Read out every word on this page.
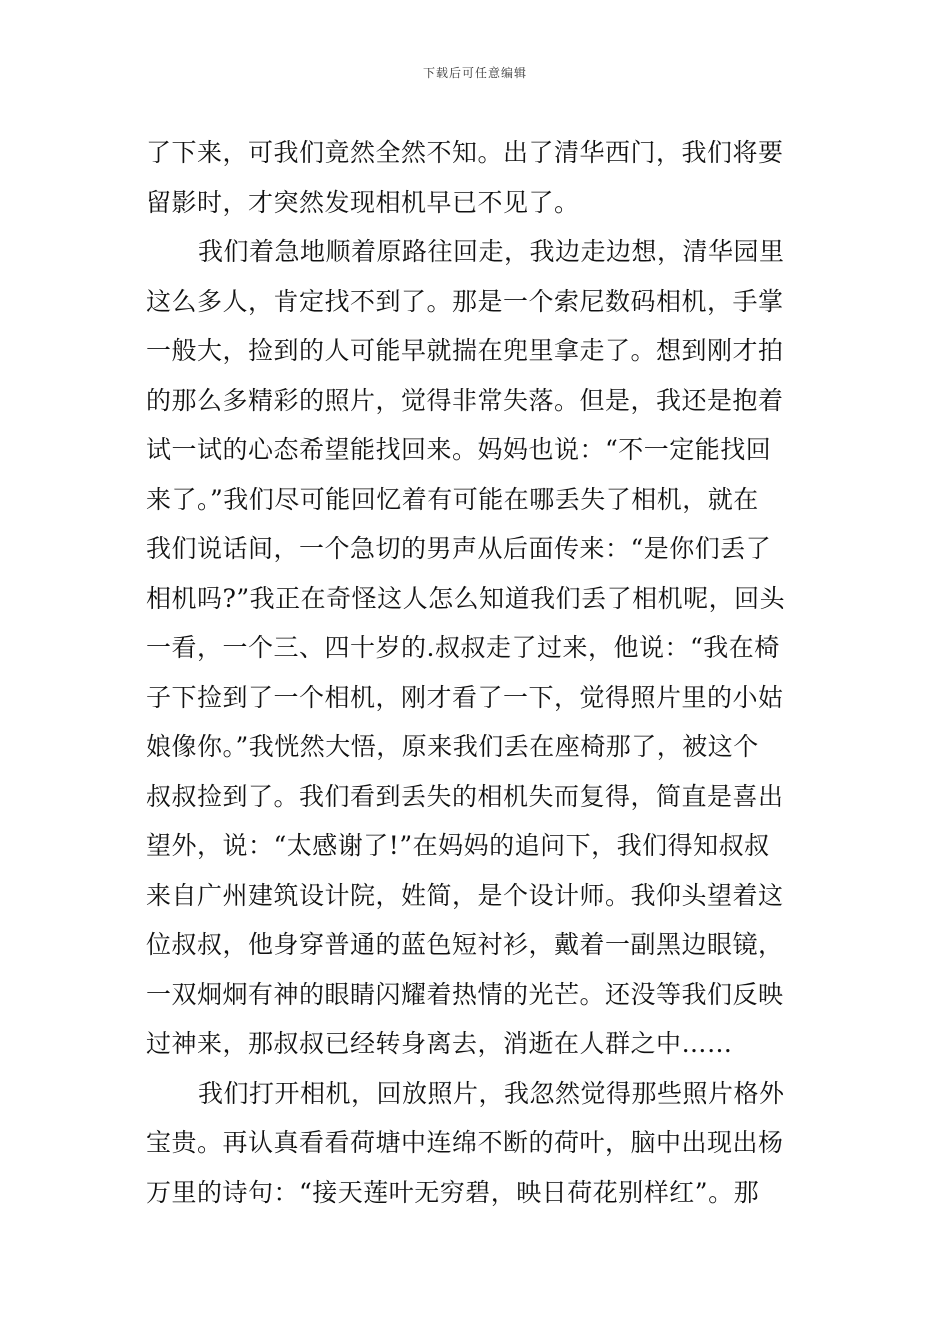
下载后可任意编辑
了下来，可我们竟然全然不知。出了清华西门，我们将要
留影时，才突然发现相机早已不见了。
我们着急地顺着原路往回走，我边走边想，清华园里
这么多人，肯定找不到了。那是一个索尼数码相机，手掌
一般大，捡到的人可能早就揣在兜里拿走了。想到刚才拍
的那么多精彩的照片，觉得非常失落。但是，我还是抱着
试一试的心态希望能找回来。妈妈也说：“不一定能找回
来了。”我们尽可能回忆着有可能在哪丢失了相机，就在
我们说话间，一个急切的男声从后面传来：“是你们丢了
相机吗?”我正在奇怪这人怎么知道我们丢了相机呢，回头
一看，一个三、四十岁的.叔叔走了过来，他说：“我在椅
子下捡到了一个相机，刚才看了一下，觉得照片里的小姑
娘像你。”我恍然大悟，原来我们丢在座椅那了，被这个
叔叔捡到了。我们看到丢失的相机失而复得，简直是喜出
望外，说：“太感谢了!”在妈妈的追问下，我们得知叔叔
来自广州建筑设计院，姓简，是个设计师。我仰头望着这
位叔叔，他身穿普通的蓝色短衬衫，戴着一副黑边眼镜，
一双炯炯有神的眼睛闪耀着热情的光芒。还没等我们反映
过神来，那叔叔已经转身离去，消逝在人群之中……
我们打开相机，回放照片，我忽然觉得那些照片格外
宝贵。再认真看看荷塘中连绵不断的荷叶，脑中出现出杨
万里的诗句：“接天莲叶无穷碧，映日荷花别样红”。那
